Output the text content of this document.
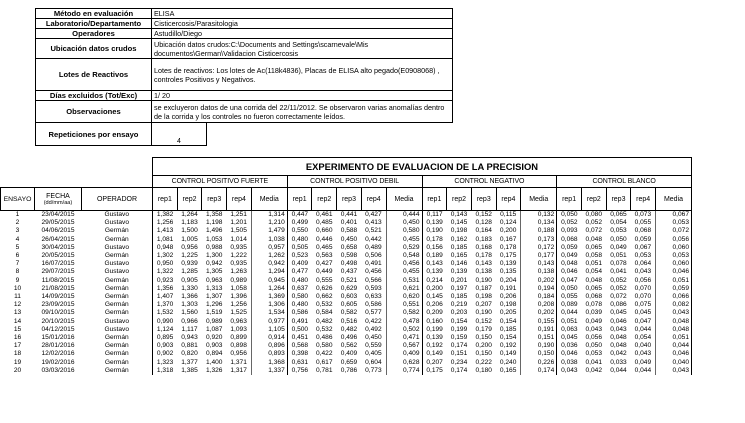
Método en evaluación	ELISA	
Laboratorio/Departamento	Cisticercosis/Parasitologia	
Operadores	Astudillo/Diego	
Ubicación datos crudos	Ubicación datos crudos:C:\Documents and Settings\scarnevale\Mis documentos\German\Validacion Cisticercosis	
Lotes de Reactivos	Lotes de reactivos: Los lotes de Ac(118k4836), Placas de ELISA alto pegado(E0908068) , controles Positivos y Negativos.	
Días excluidos (Tot/Exc)	1/ 20	
Observaciones	se excluyeron datos de una corrida del 22/11/2012. Se observaron varias anomalías dentro de la corrida y los controles no fueron correctamente leídos.	
Repeticiones por ensayo	4	
			EXPERIMENTO DE EVALUACION DE LA PRECISION																			
			CONTROL POSITIVO FUERTE					CONTROL POSITIVO DEBIL					CONTROL NEGATIVO					CONTROL BLANCO				
ENSAYO	FECHA
(dd/mm/aa)	OPERADOR	rep1	rep2	rep3	rep4	Media	rep1	rep2	rep3	rep4	Media	rep1	rep2	rep3	rep4	Media	rep1	rep2	rep3	rep4	Media
1	23/04/2015	Gustavo	1,382	1,264	1,358	1,251	1,314	0,447	0,461	0,441	0,427	0,444	0,117	0,143	0,152	0,115	0,132	0,050	0,080	0,065	0,073	0,067
2	29/05/2015	Gustavo	1,256	1,183	1,198	1,201	1,210	0,499	0,485	0,401	0,413	0,450	0,139	0,145	0,128	0,124	0,134	0,052	0,052	0,054	0,055	0,053
3	04/06/2015	Germán	1,413	1,500	1,496	1,505	1,479	0,550	0,660	0,588	0,521	0,580	0,190	0,198	0,164	0,200	0,188	0,093	0,072	0,053	0,068	0,072
4	26/04/2015	Germán	1,081	1,005	1,053	1,014	1,038	0,480	0,446	0,450	0,442	0,455	0,178	0,162	0,183	0,167	0,173	0,068	0,048	0,050	0,059	0,056
5	30/04/2015	Gustavo	0,948	0,956	0,988	0,935	0,957	0,505	0,465	0,658	0,489	0,529	0,156	0,185	0,168	0,178	0,172	0,059	0,065	0,049	0,067	0,060
6	20/05/2015	Germán	1,302	1,225	1,300	1,222	1,262	0,523	0,563	0,598	0,506	0,548	0,189	0,165	0,178	0,175	0,177	0,049	0,058	0,051	0,053	0,053
7	16/07/2015	Gustavo	0,950	0,939	0,942	0,935	0,942	0,409	0,427	0,498	0,491	0,456	0,143	0,146	0,143	0,139	0,143	0,048	0,051	0,078	0,064	0,060
8	29/07/2015	Gustavo	1,322	1,285	1,305	1,263	1,294	0,477	0,449	0,437	0,456	0,455	0,139	0,139	0,138	0,135	0,138	0,046	0,054	0,041	0,043	0,046
9	11/08/2015	Germán	0,923	0,905	0,963	0,989	0,945	0,480	0,555	0,521	0,566	0,531	0,214	0,201	0,190	0,204	0,202	0,047	0,048	0,052	0,056	0,051
10	21/08/2015	Germán	1,356	1,330	1,313	1,058	1,264	0,637	0,626	0,629	0,593	0,621	0,200	0,197	0,187	0,191	0,194	0,050	0,065	0,052	0,070	0,059
11	14/09/2015	Germán	1,407	1,366	1,307	1,396	1,369	0,580	0,662	0,603	0,633	0,620	0,145	0,185	0,198	0,206	0,184	0,055	0,068	0,072	0,070	0,066
12	23/09/2015	Germán	1,370	1,303	1,296	1,256	1,306	0,480	0,532	0,605	0,586	0,551	0,206	0,219	0,207	0,198	0,208	0,089	0,078	0,086	0,075	0,082
13	09/10/2015	Germán	1,532	1,560	1,519	1,525	1,534	0,586	0,584	0,582	0,577	0,582	0,209	0,203	0,190	0,205	0,202	0,044	0,039	0,045	0,045	0,043
14	20/10/2015	Gustavo	0,990	0,966	0,989	0,963	0,977	0,491	0,482	0,516	0,422	0,478	0,160	0,154	0,152	0,154	0,155	0,051	0,049	0,046	0,047	0,048
15	04/12/2015	Gustavo	1,124	1,117	1,087	1,093	1,105	0,500	0,532	0,482	0,492	0,502	0,199	0,199	0,179	0,185	0,191	0,063	0,043	0,043	0,044	0,048
16	15/01/2016	Germán	0,895	0,943	0,920	0,899	0,914	0,451	0,486	0,496	0,450	0,471	0,139	0,159	0,150	0,154	0,151	0,045	0,056	0,048	0,054	0,051
17	28/01/2016	Germán	0,903	0,881	0,903	0,898	0,896	0,568	0,580	0,562	0,559	0,567	0,192	0,174	0,200	0,192	0,190	0,036	0,050	0,048	0,040	0,044
18	12/02/2016	Germán	0,902	0,820	0,894	0,956	0,893	0,398	0,422	0,409	0,405	0,409	0,149	0,151	0,150	0,149	0,150	0,046	0,053	0,042	0,043	0,046
19	19/02/2016	Germán	1,323	1,377	1,400	1,371	1,368	0,631	0,617	0,659	0,604	0,628	0,207	0,234	0,222	0,240	0,226	0,038	0,041	0,033	0,049	0,040
20	03/03/2016	Germán	1,318	1,385	1,326	1,317	1,337	0,756	0,781	0,786	0,773	0,774	0,175	0,174	0,180	0,165	0,174	0,043	0,042	0,044	0,044	0,043
